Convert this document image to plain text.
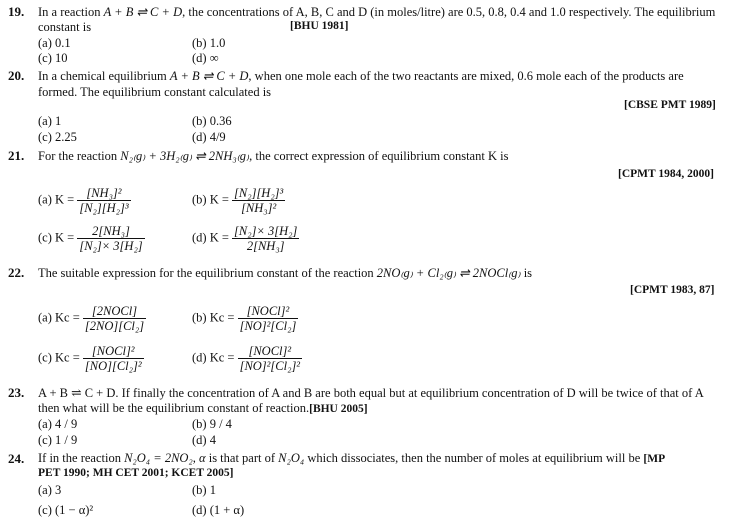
19. In a reaction A + B ⇌ C + D, the concentrations of A, B, C and D (in moles/litre) are 0.5, 0.8, 0.4 and 1.0 respectively. The equilibrium
constant is	[BHU 1981]
(a) 0.1	(b) 1.0
(c) 10	(d) ∞
20. In a chemical equilibrium A + B ⇌ C + D, when one mole each of the two reactants are mixed, 0.6 mole each of the products are
formed. The equilibrium constant calculated is
[CBSE PMT 1989]
(a) 1	(b) 0.36
(c) 2.25	(d) 4/9
21. For the reaction N₂₍g₎ + 3H₂₍g₎ ⇌ 2NH₃₍g₎, the correct expression of equilibrium constant K is
[CPMT 1984, 2000]
(a) $K = \frac{\text{[NH₃]²}}{\text{[N₂][H₂]³}}$	(b) $K = \frac{\text{[N₂][H₂]³}}{\text{[NH₃]²}}$
(c) $K = \frac{\text{2[NH₃]}}{\text{[N₂]× 3[H₂]}}$	(d) $K = \frac{\text{[N₂]× 3[H₂]}}{\text{2[NH₃]}}$
22. The suitable expression for the equilibrium constant of the reaction 2NO₍g₎ + Cl₂₍g₎ ⇌ 2NOCl₍g₎ is
[CPMT 1983, 87]
(a) $Kc = \frac{\text{[2NOCl]}}{\text{[2NO][Cl₂]}}$	(b) $Kc = \frac{\text{[NOCl]²}}{\text{[NO]²[Cl₂]}}$
(c) $Kc = \frac{\text{[NOCl]²}}{\text{[NO][Cl₂]²}}$	(d) $Kc = \frac{\text{[NOCl]²}}{\text{[NO]²[Cl₂]²}}$
23. A + B ⇌ C + D. If finally the concentration of A and B are both equal but at equilibrium concentration of D will be twice of that of A
then what will be the equilibrium constant of reaction.[BHU 2005]
(a) 4 / 9	(b) 9 / 4
(c) 1 / 9	(d) 4
24. If in the reaction N₂O₄ = 2NO₂, α is that part of N₂O₄ which dissociates, then the number of moles at equilibrium will be [MP
PET 1990; MH CET 2001; KCET 2005]
(a) 3	(b) 1
(c) (1 − α)²	(d) (1 + α)
